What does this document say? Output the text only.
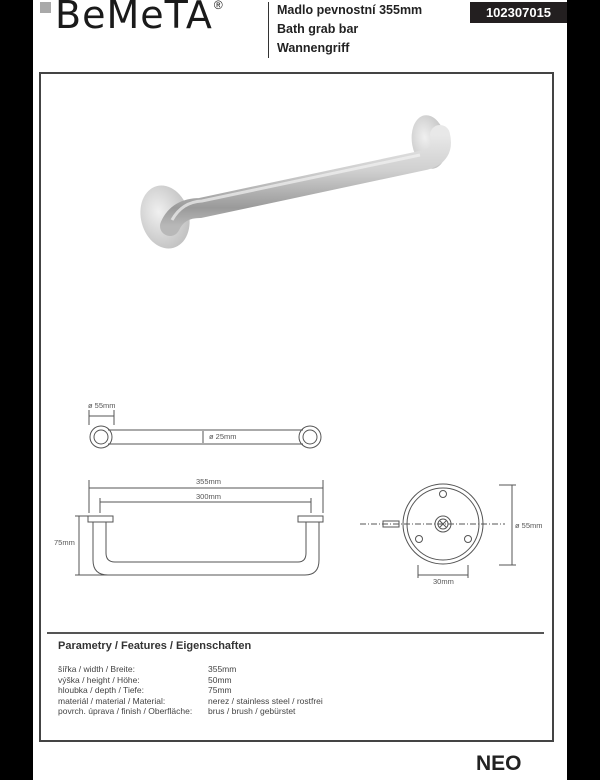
BeMeTA ®	Madlo pevnostní 355mm
Bath grab bar
Wannengriff
102307015
ø 55mm
ø 25mm
355mm
300mm
75mm
ø 55mm
30mm
Parametry / Features / Eigenschaften
šířka / width / Breite:	355mm
výška / height / Höhe:	50mm
hloubka / depth / Tiefe:	75mm
materiál / material / Material:	nerez / stainless steel / rostfrei
povrch. úprava / finish / Oberfläche:	brus / brush / gebürstet
NEO
